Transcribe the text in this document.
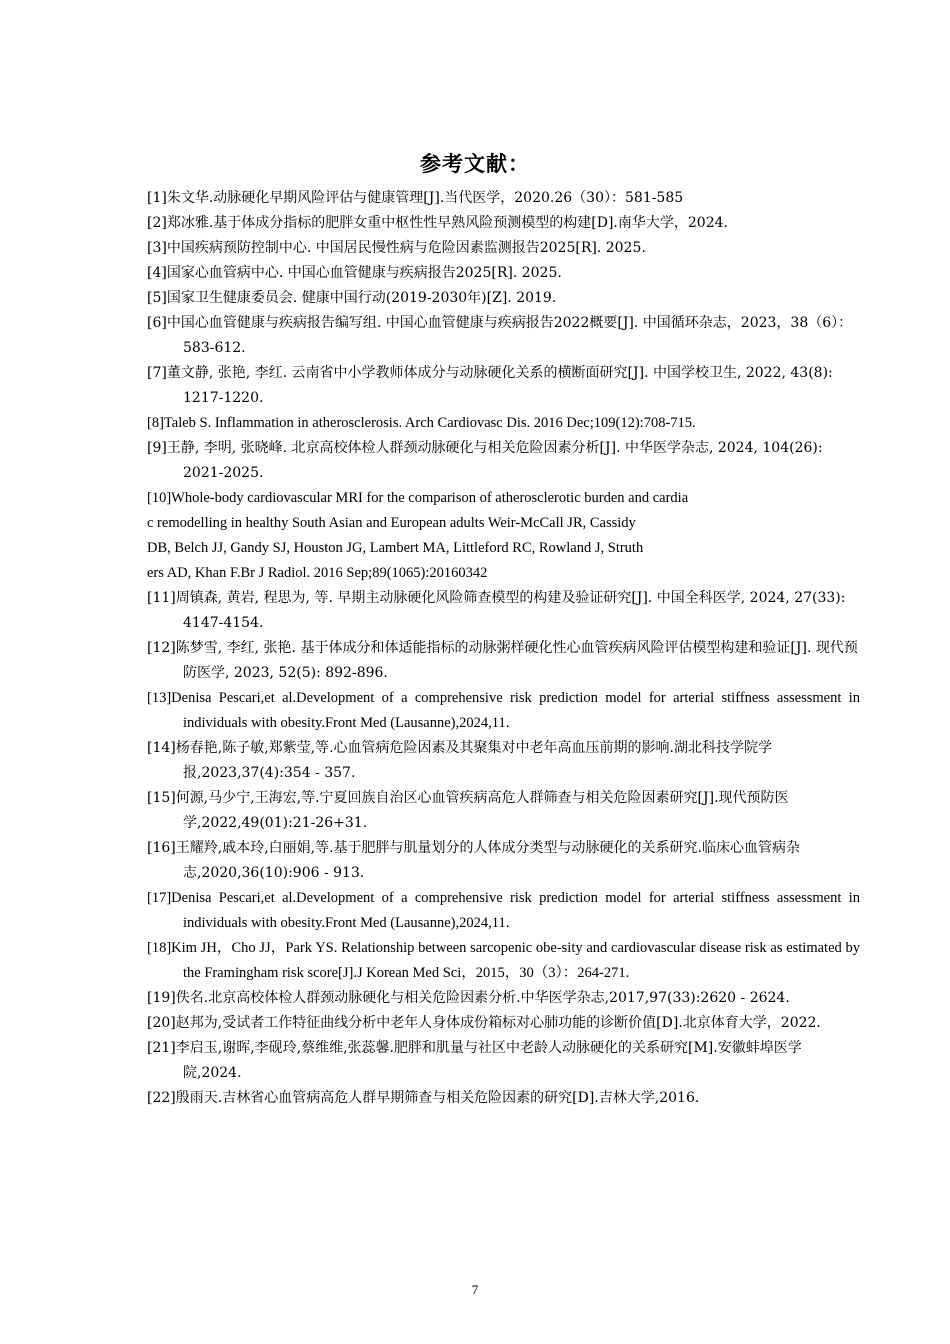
参考文献：
[1]朱文华.动脉硬化早期风险评估与健康管理[J].当代医学，2020.26（30）：581-585
[2]郑冰雅.基于体成分指标的肥胖女重中枢性性早熟风险预测模型的构建[D].南华大学，2024.
[3]中国疾病预防控制中心. 中国居民慢性病与危险因素监测报告2025[R]. 2025.
[4]国家心血管病中心. 中国心血管健康与疾病报告2025[R]. 2025.
[5]国家卫生健康委员会. 健康中国行动(2019-2030年)[Z]. 2019.
[6]中国心血管健康与疾病报告编写组. 中国心血管健康与疾病报告2022概要[J]. 中国循环杂志，2023，38（6）：583-612.
[7]董文静, 张艳, 李红. 云南省中小学教师体成分与动脉硬化关系的横断面研究[J]. 中国学校卫生, 2022, 43(8): 1217-1220.
[8]Taleb S. Inflammation in atherosclerosis. Arch Cardiovasc Dis. 2016 Dec;109(12):708-715.
[9]王静, 李明, 张晓峰. 北京高校体检人群颈动脉硬化与相关危险因素分析[J]. 中华医学杂志, 2024, 104(26): 2021-2025.
[10]Whole-body cardiovascular MRI for the comparison of atherosclerotic burden and cardia
c remodelling in healthy South Asian and European adults Weir-McCall JR, Cassidy
DB, Belch JJ, Gandy SJ, Houston JG, Lambert MA, Littleford RC, Rowland J, Struth
ers AD, Khan F.Br J Radiol. 2016 Sep;89(1065):20160342
[11]周镇森, 黄岩, 程思为, 等. 早期主动脉硬化风险筛查模型的构建及验证研究[J]. 中国全科医学, 2024, 27(33): 4147-4154.
[12]陈梦雪, 李红, 张艳. 基于体成分和体适能指标的动脉粥样硬化性心血管疾病风险评估模型构建和验证[J]. 现代预防医学, 2023, 52(5): 892-896.
[13]Denisa Pescari,et al.Development of a comprehensive risk prediction model for arterial stiffness assessment in individuals with obesity.Front Med (Lausanne),2024,11.
[14]杨春艳,陈子敏,郑紫莹,等.心血管病危险因素及其聚集对中老年高血压前期的影响.湖北科技学院学报,2023,37(4):354 - 357.
[15]何源,马少宁,王海宏,等.宁夏回族自治区心血管疾病高危人群筛查与相关危险因素研究[J].现代预防医学,2022,49(01):21-26+31.
[16]王耀羚,戚本玲,白丽娟,等.基于肥胖与肌量划分的人体成分类型与动脉硬化的关系研究.临床心血管病杂志,2020,36(10):906 - 913.
[17]Denisa Pescari,et al.Development of a comprehensive risk prediction model for arterial stiffness assessment in individuals with obesity.Front Med (Lausanne),2024,11.
[18]Kim JH，Cho JJ，Park YS. Relationship between sarcopenic obe-sity and cardiovascular disease risk as estimated by the Framingham risk score[J].J Korean Med Sci，2015，30（3）：264-271.
[19]佚名.北京高校体检人群颈动脉硬化与相关危险因素分析.中华医学杂志,2017,97(33):2620 - 2624.
[20]赵邦为,受试者工作特征曲线分析中老年人身体成份箱标对心肺功能的诊断价值[D].北京体育大学，2022.
[21]李启玉,谢晖,李砚玲,蔡维维,张蕊馨.肥胖和肌量与社区中老龄人动脉硬化的关系研究[M].安徽蚌埠医学院,2024.
[22]殷雨天.吉林省心血管病高危人群早期筛查与相关危险因素的研究[D].吉林大学,2016.
7
